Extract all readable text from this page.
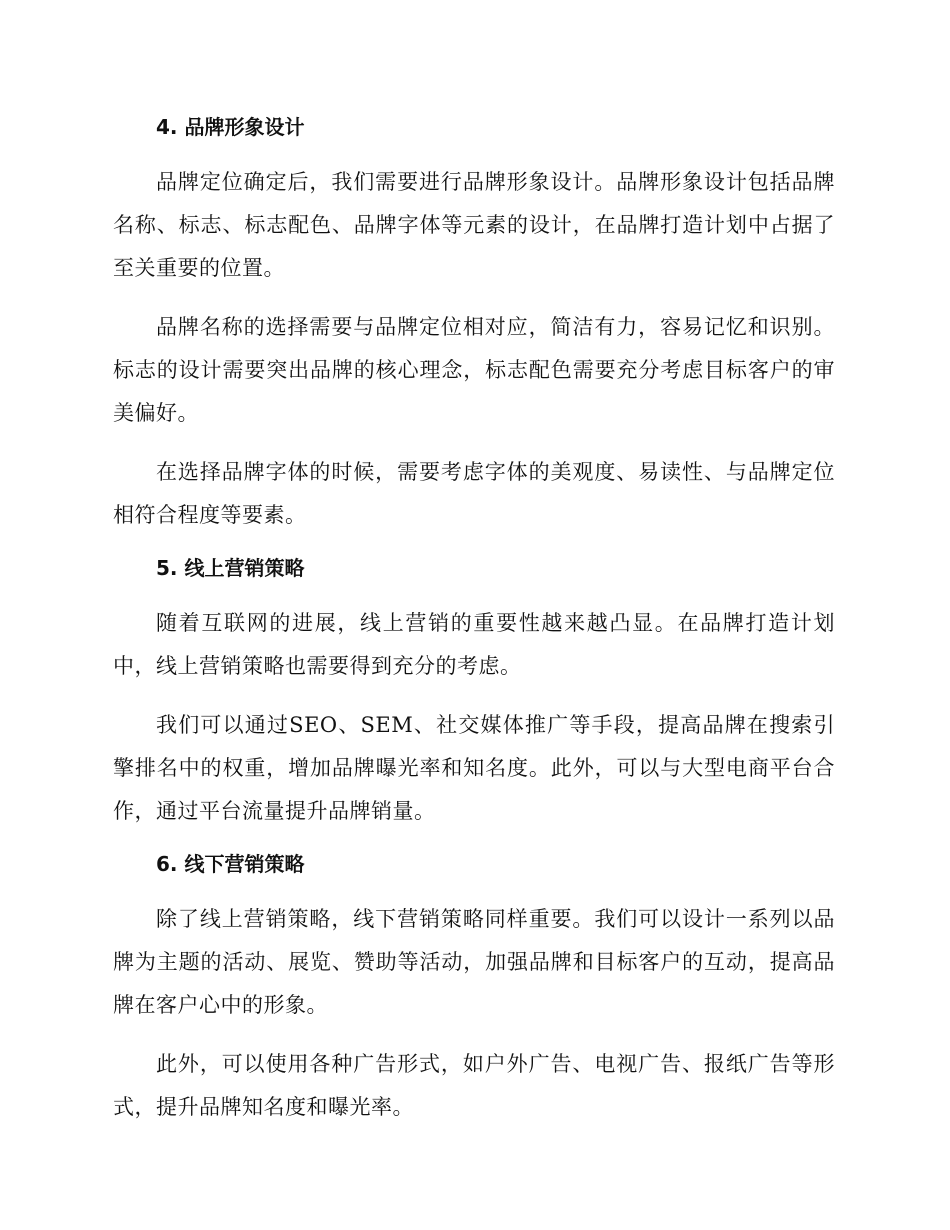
4. 品牌形象设计

品牌定位确定后，我们需要进行品牌形象设计。品牌形象设计包括品牌名称、标志、标志配色、品牌字体等元素的设计，在品牌打造计划中占据了至关重要的位置。

品牌名称的选择需要与品牌定位相对应，简洁有力，容易记忆和识别。标志的设计需要突出品牌的核心理念，标志配色需要充分考虑目标客户的审美偏好。

在选择品牌字体的时候，需要考虑字体的美观度、易读性、与品牌定位相符合程度等要素。

5. 线上营销策略

随着互联网的进展，线上营销的重要性越来越凸显。在品牌打造计划中，线上营销策略也需要得到充分的考虑。

我们可以通过SEO、SEM、社交媒体推广等手段，提高品牌在搜索引擎排名中的权重，增加品牌曝光率和知名度。此外，可以与大型电商平台合作，通过平台流量提升品牌销量。

6. 线下营销策略

除了线上营销策略，线下营销策略同样重要。我们可以设计一系列以品牌为主题的活动、展览、赞助等活动，加强品牌和目标客户的互动，提高品牌在客户心中的形象。

此外，可以使用各种广告形式，如户外广告、电视广告、报纸广告等形式，提升品牌知名度和曝光率。
